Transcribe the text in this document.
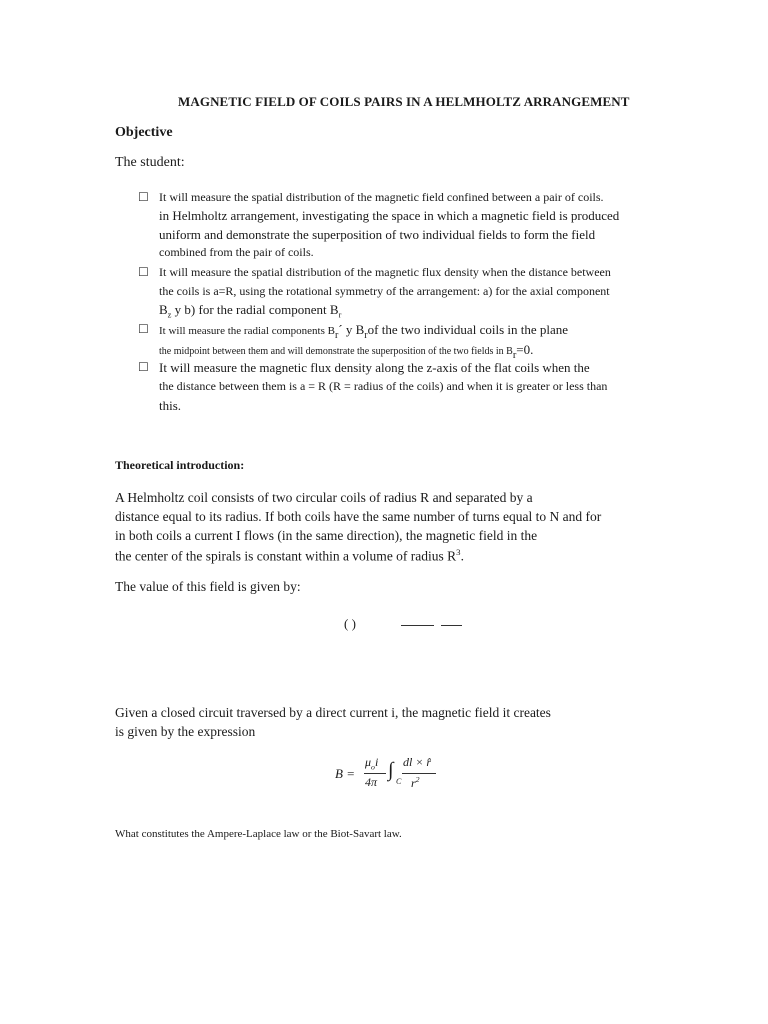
MAGNETIC FIELD OF COILS PAIRS IN A HELMHOLTZ ARRANGEMENT
Objective
The student:
☐ It will measure the spatial distribution of the magnetic field confined between a pair of coils.
in Helmholtz arrangement, investigating the space in which a magnetic field is produced
uniform and demonstrate the superposition of two individual fields to form the field
combined from the pair of coils.
☐ It will measure the spatial distribution of the magnetic flux density when the distance between
the coils is a=R, using the rotational symmetry of the arrangement: a) for the axial component
$B_z$ y b) for the radial component $B_r$
☐ It will measure the radial components $B_r´$ y $B_rof$ the two individual coils in the plane
the midpoint between them and will demonstrate the superposition of the two fields in $B_r=0$.
☐ It will measure the magnetic flux density along the z-axis of the flat coils when the
the distance between them is a = R (R = radius of the coils) and when it is greater or less than
this.
Theoretical introduction:
A Helmholtz coil consists of two circular coils of radius R and separated by a
distance equal to its radius. If both coils have the same number of turns equal to N and for
in both coils a current I flows (in the same direction), the magnetic field in the
the center of the spirals is constant within a volume of radius $R^3$.
The value of this field is given by:
( )
Given a closed circuit traversed by a direct current i, the magnetic field it creates
is given by the expression
B =
$\mu_oi$
4π
∫
C
dl × r̂
$r^2$
What constitutes the Ampere-Laplace law or the Biot-Savart law.
